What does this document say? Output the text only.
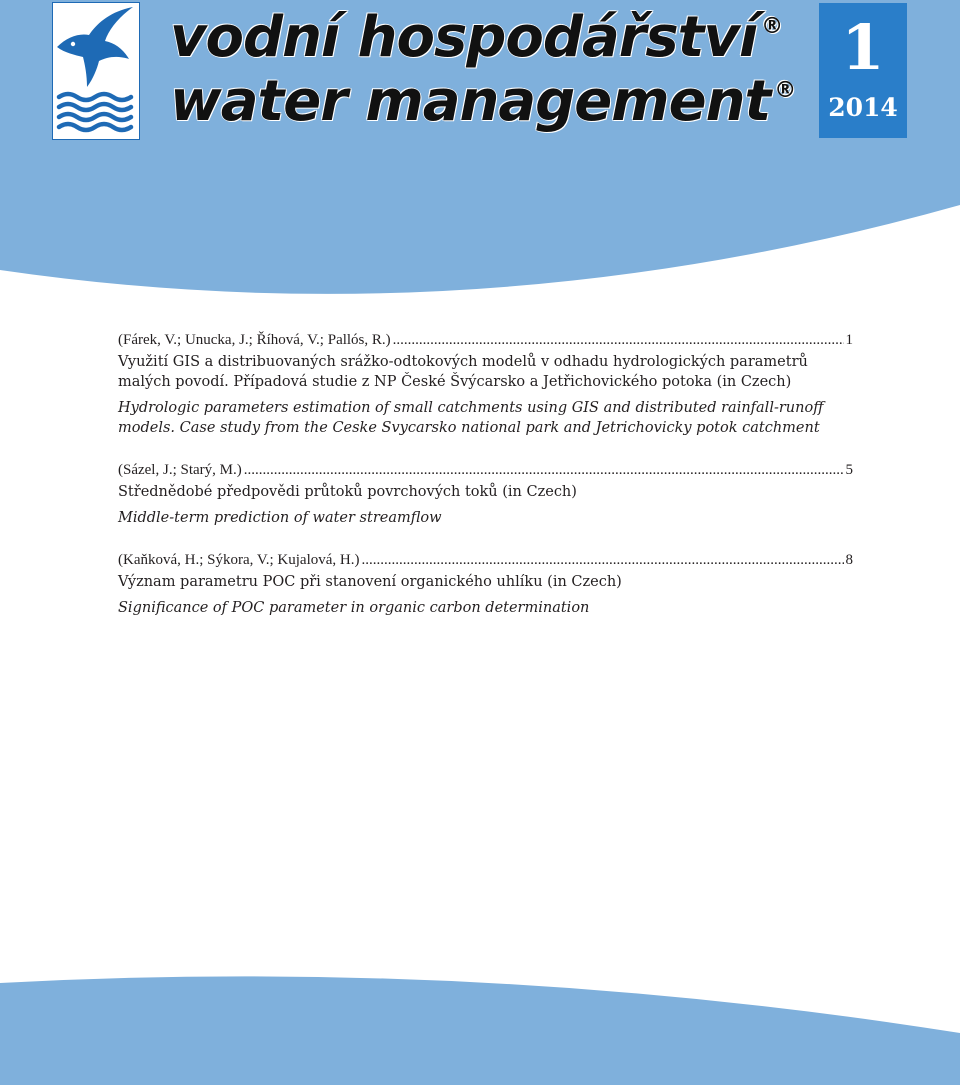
vodní hospodářství ®
water management ®
1
2014
(Fárek, V.; Unucka, J.; Říhová, V.; Pallós, R.) .....	1
Využití GIS a distribuovaných srážko-odtokových modelů v odhadu hydrologických parametrů malých povodí. Případová studie z NP České Švýcarsko a Jetřichovického potoka (in Czech)
Hydrologic parameters estimation of small catchments using GIS and distributed rainfall-runoff models. Case study from the Ceske Svycarsko national park and Jetrichovicky potok catchment
(Sázel, J.; Starý, M.) .....	5
Střednědobé předpovědi průtoků povrchových toků (in Czech)
Middle-term prediction of water streamflow
(Kaňková, H.; Sýkora, V.; Kujalová, H.) .....	8
Význam parametru POC při stanovení organického uhlíku (in Czech)
Significance of POC parameter in organic carbon determination
